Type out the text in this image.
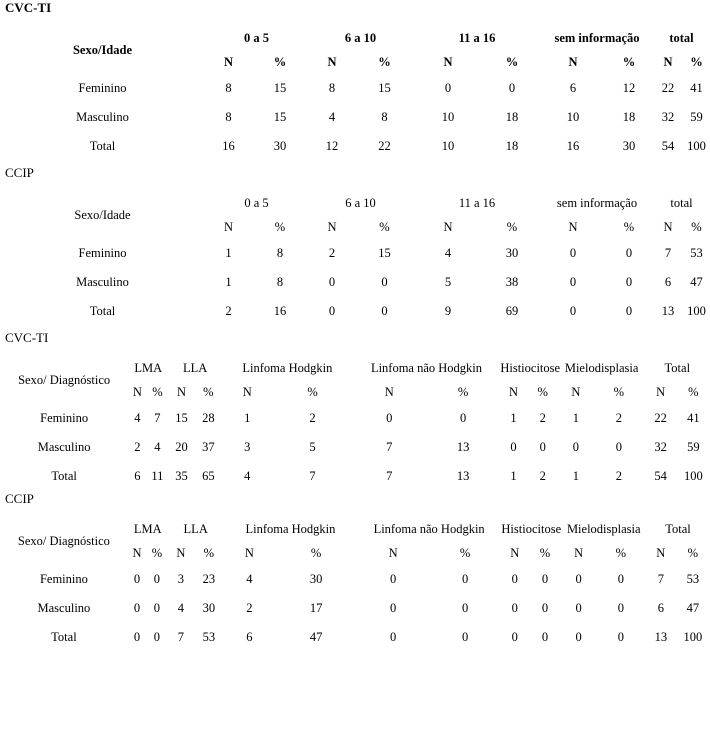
CVC-TI
Sexo/Idade	0 a 5		6 a 10		11 a 16		sem informação		total	
	N	%	N	%	N	%	N	%	N	%
Feminino	8	15	8	15	0	0	6	12	22	41
Masculino	8	15	4	8	10	18	10	18	32	59
Total	16	30	12	22	10	18	16	30	54	100
CCIP
Sexo/Idade	0 a 5		6 a 10		11 a 16		sem informação		total	
	N	%	N	%	N	%	N	%	N	%
Feminino	1	8	2	15	4	30	0	0	7	53
Masculino	1	8	0	0	5	38	0	0	6	47
Total	2	16	0	0	9	69	0	0	13	100
CVC-TI
Sexo/ Diagnóstico	LMA		LLA		Linfoma Hodgkin		Linfoma não Hodgkin		Histiocitose		Mielodisplasia		Total	
	N	%	N	%	N	%	N	%	N	%	N	%	N	%
Feminino	4	7	15	28	1	2	0	0	1	2	1	2	22	41
Masculino	2	4	20	37	3	5	7	13	0	0	0	0	32	59
Total	6	11	35	65	4	7	7	13	1	2	1	2	54	100
CCIP
Sexo/ Diagnóstico	LMA		LLA		Linfoma Hodgkin		Linfoma não Hodgkin		Histiocitose		Mielodisplasia		Total	
	N	%	N	%	N	%	N	%	N	%	N	%	N	%
Feminino	0	0	3	23	4	30	0	0	0	0	0	0	7	53
Masculino	0	0	4	30	2	17	0	0	0	0	0	0	6	47
Total	0	0	7	53	6	47	0	0	0	0	0	0	13	100
